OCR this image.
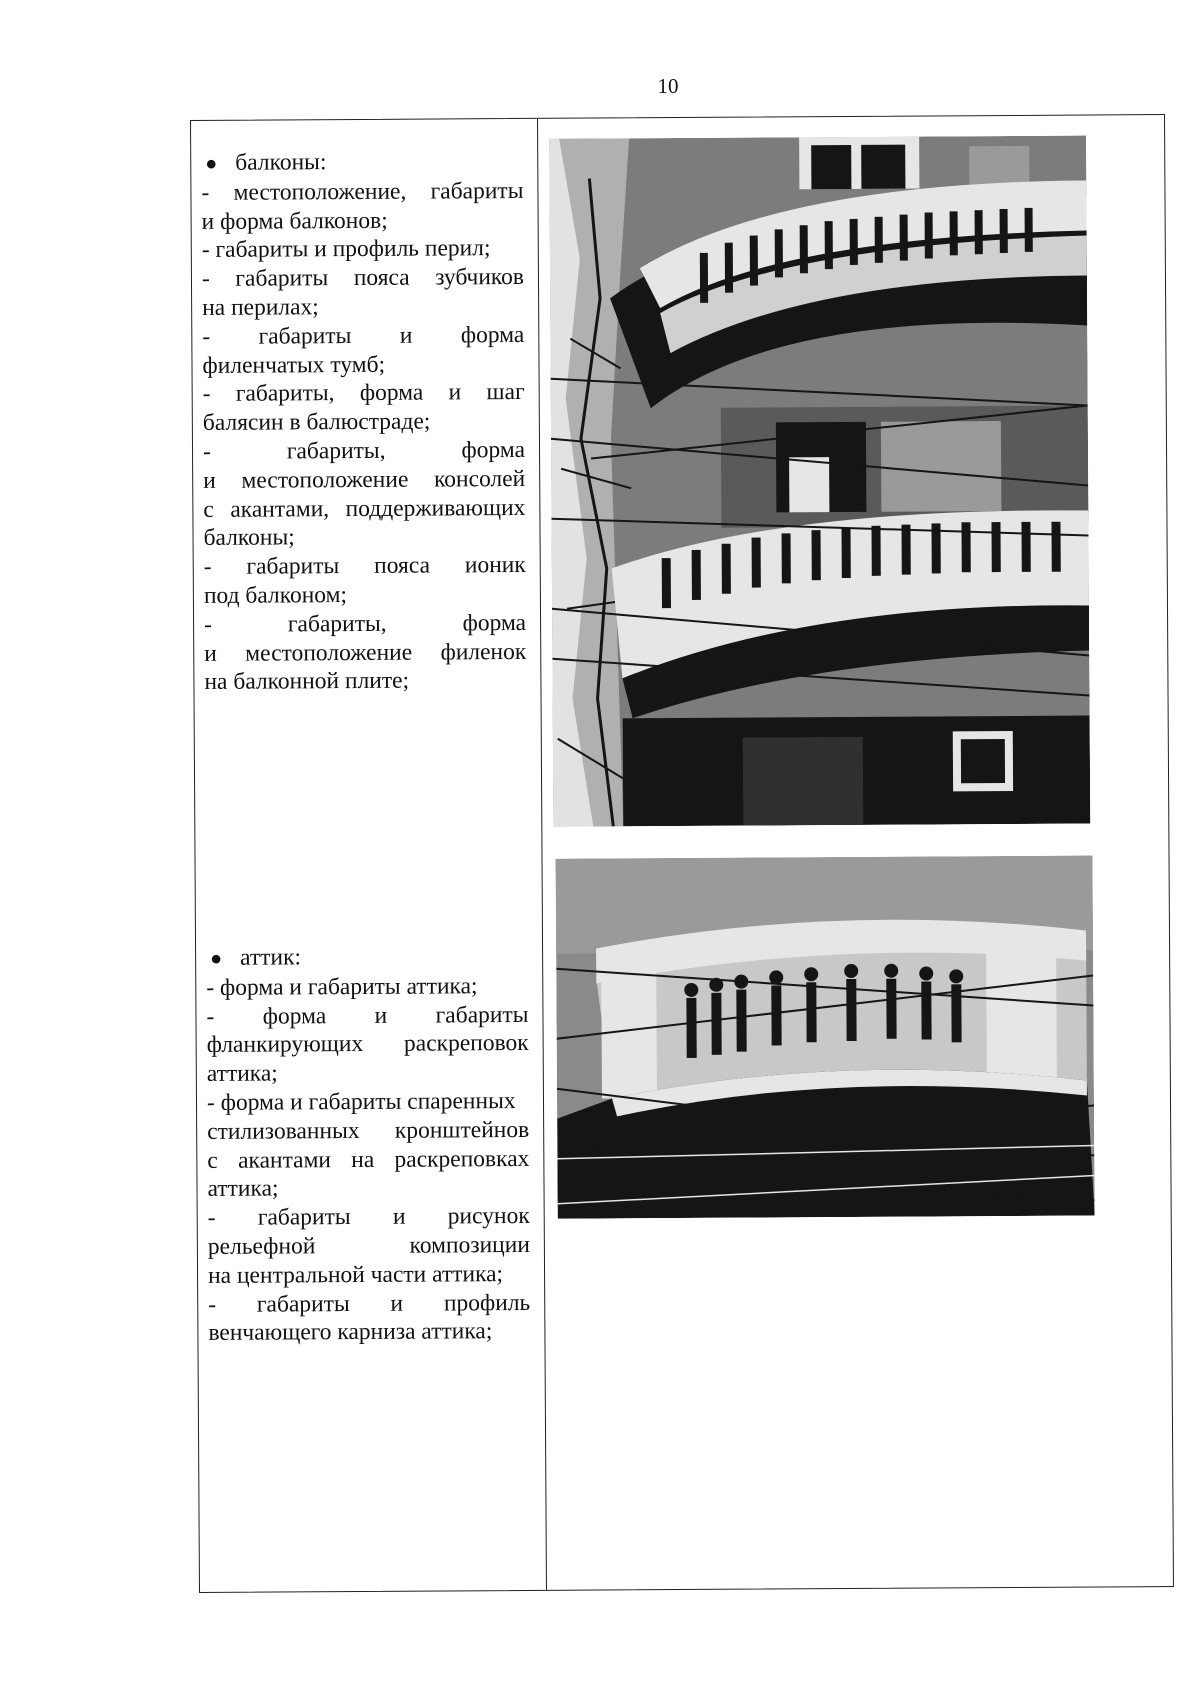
10
● балконы:
- местоположение, габариты
и форма балконов;
- габариты и профиль перил;
- габариты пояса зубчиков
на перилах;
- габариты и форма
филенчатых тумб;
- габариты, форма и шаг
балясин в балюстраде;
- габариты, форма
и местоположение консолей
с акантами, поддерживающих
балконы;
- габариты пояса ионик
под балконом;
- габариты, форма
и местоположение филенок
на балконной плите;
● аттик:
- форма и габариты аттика;
- форма и габариты
фланкирующих раскреповок
аттика;
- форма и габариты спаренных
стилизованных кронштейнов
с акантами на раскреповках
аттика;
- габариты и рисунок
рельефной композиции
на центральной части аттика;
- габариты и профиль
венчающего карниза аттика;
